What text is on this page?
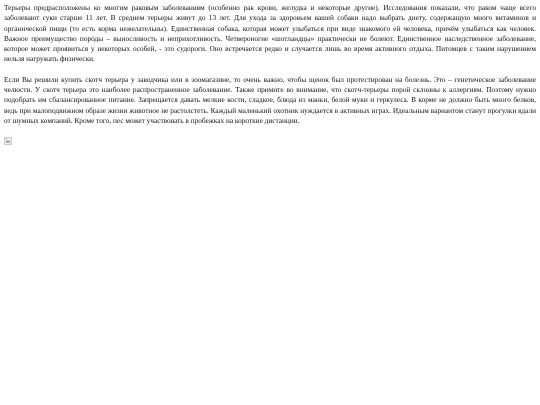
Терьеры предрасположены ко многим раковым заболеваниям (особенно рак крови, желудка и некоторые другие). Исследования показали, что раком чаще всего заболевают суки старше 11 лет. В среднем терьеры живут до 13 лет. Для ухода за здоровьем вашей собаки надо выбрать диету, содержащую много витаминов и органической пищи (то есть корма нежелательны). Единственная собака, которая может улыбаться при виде знакомого ей человека, причём улыбаться как человек. Важное преимущество породы – выносливость и неприхотливость. Четвероногие «шотландцы» практически не болеют. Единственное наследственное заболевание, которое может проявиться у некоторых особей, - это судороги. Оно встречается редко и случается лишь во время активного отдыха. Питомцев с таким нарушением нельзя нагружать физически.

Если Вы решили купить скотч терьера у заводчика или в зоомагазине, то очень важно, чтобы щенок был протестирован на болезнь. Это – генетическое заболевание челюсти. У скотч терьера это наиболее распространенное заболевание. Также примите во внимание, что скотч-терьеры порой склонны к аллергиям. Поэтому нужно подобрать им сбалансированное питание. Запрещается давать мелкие кости, сладкое, блюда из манки, белой муки и геркулеса. В корме не должно быть много белков, ведь при малоподвижном образе жизни животное не растолстеть. Каждый маленький охотник нуждается в активных играх. Идеальным вариантом станут прогулки вдали от шумных компаний. Кроме того, пес может участвовать в пробежках на короткие дистанции.
